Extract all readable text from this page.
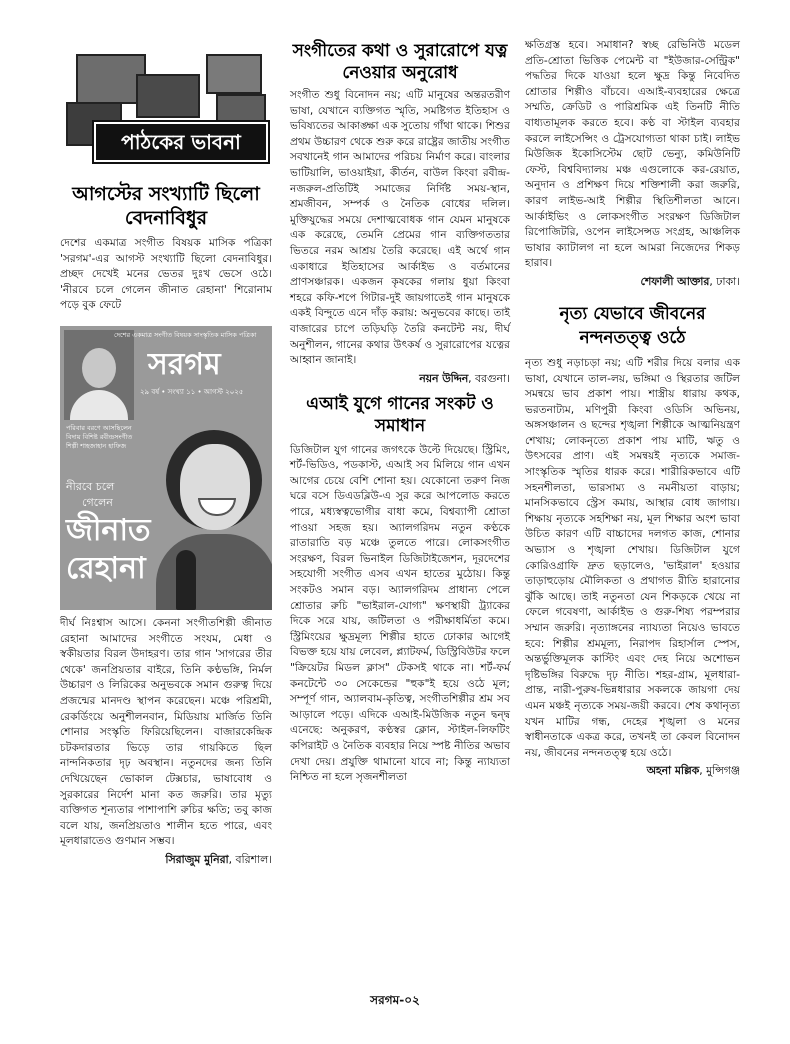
পাঠকের ভাবনা
আগস্টের সংখ্যাটি ছিলো বেদনাবিধুর

দেশের একমাত্র সংগীত বিষয়ক মাসিক পত্রিকা 'সরগম'-এর আগস্ট সংখ্যাটি ছিলো বেদনাবিধুর। প্রচ্ছদ দেখেই মনের ভেতর দুঃখ ভেসে ওঠে। 'নীরবে চলে গেলেন জীনাত রেহানা' শিরোনাম পড়ে বুক ফেটে

দেশের একমাত্র সংগীত বিষয়ক সাংস্কৃতিক মাসিক পত্রিকা
সরগম
২৯ বর্ষ • সংখ্যা ১১ • আগস্ট ২০২৫
পরিবার বরণে আসছিলেন বিদায় বিশিষ্ট রবীন্দ্রসংগীত শিল্পী শাহজাহান হাফিজ
নীরবে চলে
গেলেন
জীনাত রেহানা

দীর্ঘ নিঃশ্বাস আসে। কেননা সংগীতশিল্পী জীনাত রেহানা আমাদের সংগীতে সংযম, মেধা ও স্বকীয়তার বিরল উদাহরণ। তার গান 'সাগরের তীর থেকে' জনপ্রিয়তার বাইরে, তিনি কণ্ঠভঙ্গি, নির্মল উচ্চারণ ও লিরিকের অনুভবকে সমান গুরুত্ব দিয়ে প্রজন্মের মানদণ্ড স্থাপন করেছেন। মঞ্চে পরিশ্রমী, রেকর্ডিংয়ে অনুশীলনবান, মিডিয়ায় মার্জিত তিনি শোনার সংস্কৃতি ফিরিয়েছিলেন। বাজারকেন্দ্রিক চটকদারতার ভিড়ে তার গায়কিতে ছিল নান্দনিকতার দৃঢ় অবস্থান। নতুনদের জন্য তিনি দেখিয়েছেন ভোকাল টেক্সচার, ভাষাবোধ ও সুরকারের নির্দেশ মানা কত জরুরি। তার মৃত্যু ব্যক্তিগত শূন্যতার পাশাপাশি রুচির ক্ষতি; তবু কাজ বলে যায়, জনপ্রিয়তাও শালীন হতে পারে, এবং মূলধারাতেও গুণমান সম্ভব।

সিরাজুম মুনিরা, বরিশাল।

সংগীতের কথা ও সুরারোপে যত্ন নেওয়ার অনুরোধ

সংগীত শুধু বিনোদন নয়; এটি মানুষের অন্তরতরীণ ভাষা, যেখানে ব্যক্তিগত স্মৃতি, সমষ্টিগত ইতিহাস ও ভবিষ্যতের আকাঙ্ক্ষা এক সুতোয় গাঁথা থাকে। শিশুর প্রথম উচ্চারণ থেকে শুরু করে রাষ্ট্রের জাতীয় সংগীত সবখানেই গান আমাদের পরিচয় নির্মাণ করে। বাংলার ভাটিয়ালি, ভাওয়াইয়া, কীর্তন, বাউল কিংবা রবীন্দ্র-নজরুল-প্রতিটিই সমাজের নির্দিষ্ট সময়-স্থান, শ্রমজীবন, সম্পর্ক ও নৈতিক বোধের দলিল। মুক্তিযুদ্ধের সময়ে দেশাত্মবোধক গান যেমন মানুষকে এক করেছে, তেমনি প্রেমের গান ব্যক্তিগততার ভিতরে নরম আশ্রয় তৈরি করেছে। এই অর্থে গান একাধারে ইতিহাসের আর্কাইভ ও বর্তমানের প্রাণসঞ্চারক। একজন কৃষকের গলায় ধুয়া কিংবা শহরে কফি-শপে গিটার-দুই জায়গাতেই গান মানুষকে একই বিন্দুতে এনে দাঁড় করায়: অনুভবের কাছে। তাই বাজারের চাপে তড়িঘড়ি তৈরি কনটেন্ট নয়, দীর্ঘ অনুশীলন, গানের কথার উৎকর্ষ ও সুরারোপের যত্নের আহ্বান জানাই।

নয়ন উদ্দিন, বরগুনা।

এআই যুগে গানের সংকট ও সমাধান

ডিজিটাল যুগ গানের জগৎকে উল্টে দিয়েছে। স্ট্রিমিং, শর্ট-ভিডিও, পডকাস্ট, এআই সব মিলিয়ে গান এখন আগের চেয়ে বেশি শোনা হয়। যেকোনো তরুণ নিজ ঘরে বসে ডিএডব্লিউ-এ সুর করে আপলোড করতে পারে, মধ্যস্বত্বভোগীর বাধা কমে, বিশ্বব্যাপী শ্রোতা পাওয়া সহজ হয়। অ্যালগরিদম নতুন কণ্ঠকে রাতারাতি বড় মঞ্চে তুলতে পারে। লোকসংগীত সংরক্ষণ, বিরল ভিনাইল ডিজিটাইজেশন, দূরদেশের সহযোগী সংগীত এসব এখন হাতের মুঠোয়। কিন্তু সংকটও সমান বড়। অ্যালগরিদম প্রাধান্য পেলে শ্রোতার রুচি "ভাইরাল-যোগ্য" ক্ষণস্থায়ী ট্র্যাকের দিকে সরে যায়, জটিলতা ও পরীক্ষাধর্মিতা কমে। স্ট্রিমিংয়ের ক্ষুদ্রমূল্য শিল্পীর হাতে ঢোকার আগেই বিভক্ত হয়ে যায় লেবেল, প্ল্যাটফর্ম, ডিস্ট্রিবিউটর ফলে "ক্রিয়েটর মিডল ক্লাস" টেকসই থাকে না। শর্ট-ফর্ম কনটেন্টে ৩০ সেকেন্ডের "হুক"ই হয়ে ওঠে মূল; সম্পূর্ণ গান, অ্যালবাম-কৃতিত্ব, সংগীতশিল্পীর শ্রম সব আড়ালে পড়ে। এদিকে এআই-মিউজিক নতুন দ্বন্দ্ব এনেছে: অনুকরণ, কণ্ঠস্বর ক্লোন, স্টাইল-লিফটিং কপিরাইট ও নৈতিক ব্যবহার নিয়ে স্পষ্ট নীতির অভাব দেখা দেয়। প্রযুক্তি থামানো যাবে না; কিন্তু ন্যায্যতা নিশ্চিত না হলে সৃজনশীলতা

ক্ষতিগ্রস্ত হবে। সমাধান? স্বচ্ছ রেভিনিউ মডেল প্রতি-শ্রোতা ভিত্তিক পেমেন্ট বা "ইউজার-সেন্ট্রিক" পদ্ধতির দিকে যাওয়া হলে ক্ষুদ্র কিন্তু নিবেদিত শ্রোতার শিল্পীও বাঁচবে। এআই-ব্যবহারের ক্ষেত্রে সম্মতি, ক্রেডিট ও পারিশ্রমিক এই তিনটি নীতি বাধ্যতামূলক করতে হবে। কণ্ঠ বা স্টাইল ব্যবহার করলে লাইসেন্সিং ও ট্রেসযোগ্যতা থাকা চাই। লাইভ মিউজিক ইকোসিস্টেম ছোট ভেন্যু, কমিউনিটি ফেস্ট, বিশ্ববিদ্যালয় মঞ্চ এগুলোকে কর-রেয়াত, অনুদান ও প্রশিক্ষণ দিয়ে শক্তিশালী করা জরুরি, কারণ লাইভ-আই শিল্পীর স্থিতিশীলতা আনে। আর্কাইভিং ও লোকসংগীত সংরক্ষণ ডিজিটাল রিপোজিটরি, ওপেন লাইসেন্সড সংগ্রহ, আঞ্চলিক ভাষার ক্যাটালগ না হলে আমরা নিজেদের শিকড় হারাব।

শেফালী আক্তার, ঢাকা।

নৃত্য যেভাবে জীবনের নন্দনতত্ত্ব ওঠে

নৃত্য শুধু নড়াচড়া নয়; এটি শরীর দিয়ে বলার এক ভাষা, যেখানে তাল-লয়, ভঙ্গিমা ও স্থিরতার জটিল সমন্বয়ে ভাব প্রকাশ পায়। শাস্ত্রীয় ধারায় কথক, ভরতনাট্যম, মণিপুরী কিংবা ওডিসি অভিনয়, অঙ্গসঞ্চালন ও ছন্দের শৃঙ্খলা শিল্পীকে আত্মনিয়ন্ত্রণ শেখায়; লোকনৃত্যে প্রকাশ পায় মাটি, ঋতু ও উৎসবের প্রাণ। এই সমন্বয়ই নৃত্যকে সমাজ-সাংস্কৃতিক স্মৃতির ধারক করে। শারীরিকভাবে এটি সহনশীলতা, ভারসাম্য ও নমনীয়তা বাড়ায়; মানসিকভাবে স্ট্রেস কমায়, আস্থার বোধ জাগায়। শিক্ষায় নৃত্যকে সহশিক্ষা নয়, মূল শিক্ষার অংশ ভাবা উচিত কারণ এটি বাচ্চাদের দলগত কাজ, শোনার অভ্যাস ও শৃঙ্খলা শেখায়। ডিজিটাল যুগে কোরিওগ্রাফি দ্রুত ছড়ালেও, 'ভাইরাল' হওয়ার তাড়াহুড়োয় মৌলিকতা ও প্রথাগত রীতি হারানোর ঝুঁকি আছে। তাই নতুনতা যেন শিকড়কে খেয়ে না ফেলে গবেষণা, আর্কাইভ ও গুরু-শিষ্য পরম্পরার সম্মান জরুরি। নৃত্যাঙ্গনের ন্যায্যতা নিয়েও ভাবতে হবে: শিল্পীর শ্রমমূল্য, নিরাপদ রিহার্সাল স্পেস, অন্তর্ভুক্তিমূলক কাস্টিং এবং দেহ নিয়ে অশোভন দৃষ্টিভঙ্গির বিরুদ্ধে দৃঢ় নীতি। শহর-গ্রাম, মূলধারা-প্রান্ত, নারী-পুরুষ-ভিন্নধারার সকলকে জায়গা দেয় এমন মঞ্চই নৃত্যকে সময়-জয়ী করবে। শেষ কথানৃত্য যখন মাটির গন্ধ, দেহের শৃঙ্খলা ও মনের স্বাধীনতাকে একত্র করে, তখনই তা কেবল বিনোদন নয়, জীবনের নন্দনতত্ত্ব হয়ে ওঠে।

অহনা মল্লিক, মুন্সিগঞ্জ

সরগম-০২
